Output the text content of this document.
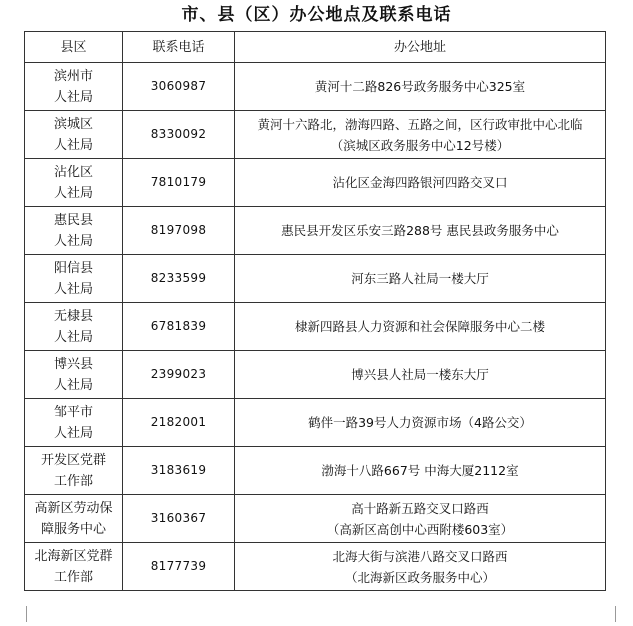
市、县（区）办公地点及联系电话
县区	联系电话	办公地址

滨州市
人社局	3060987	黄河十二路826号政务服务中心325室

滨城区
人社局	8330092	黄河十六路北，渤海四路、五路之间，区行政审批中心北临
（滨城区政务服务中心12号楼）

沾化区
人社局	7810179	沾化区金海四路银河四路交叉口

惠民县
人社局	8197098	惠民县开发区乐安三路288号 惠民县政务服务中心

阳信县
人社局	8233599	河东三路人社局一楼大厅

无棣县
人社局	6781839	棣新四路县人力资源和社会保障服务中心二楼

博兴县
人社局	2399023	博兴县人社局一楼东大厅

邹平市
人社局	2182001	鹤伴一路39号人力资源市场（4路公交）

开发区党群
工作部	3183619	渤海十八路667号 中海大厦2112室

高新区劳动保
障服务中心	3160367	高十路新五路交叉口路西
（高新区高创中心西附楼603室）

北海新区党群
工作部	8177739	北海大街与滨港八路交叉口路西
（北海新区政务服务中心）
